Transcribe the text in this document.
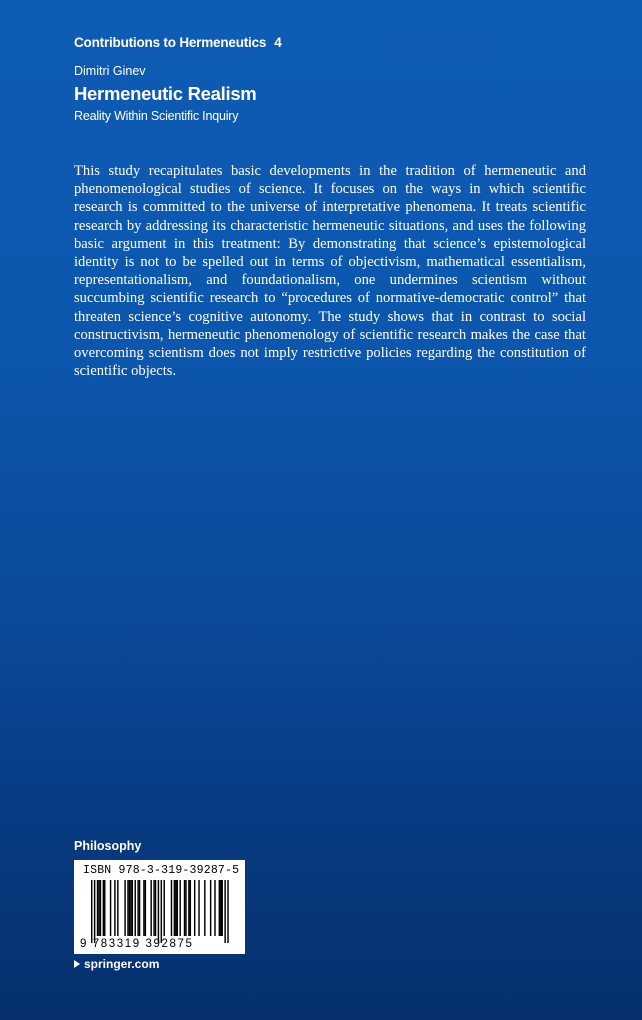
Contributions to Hermeneutics 4
Dimitri Ginev
Hermeneutic Realism
Reality Within Scientific Inquiry

This study recapitulates basic developments in the tradition of hermeneutic and phenomenological studies of science. It focuses on the ways in which scientific research is committed to the universe of interpretative phenomena. It treats scientific research by addressing its characteristic hermeneutic situations, and uses the following basic argument in this treatment: By demonstrating that science’s epistemological identity is not to be spelled out in terms of objectivism, mathematical essentialism, representationalism, and foundationalism, one undermines scientism without succumbing scientific research to “procedures of normative-democratic control” that threaten science’s cognitive autonomy. The study shows that in contrast to social constructivism, hermeneutic phenomenology of scientific research makes the case that overcoming scientism does not imply restrictive policies regarding the constitution of scientific objects.

Philosophy
ISBN 978-3-319-39287-5
9 783319 392875
springer.com
